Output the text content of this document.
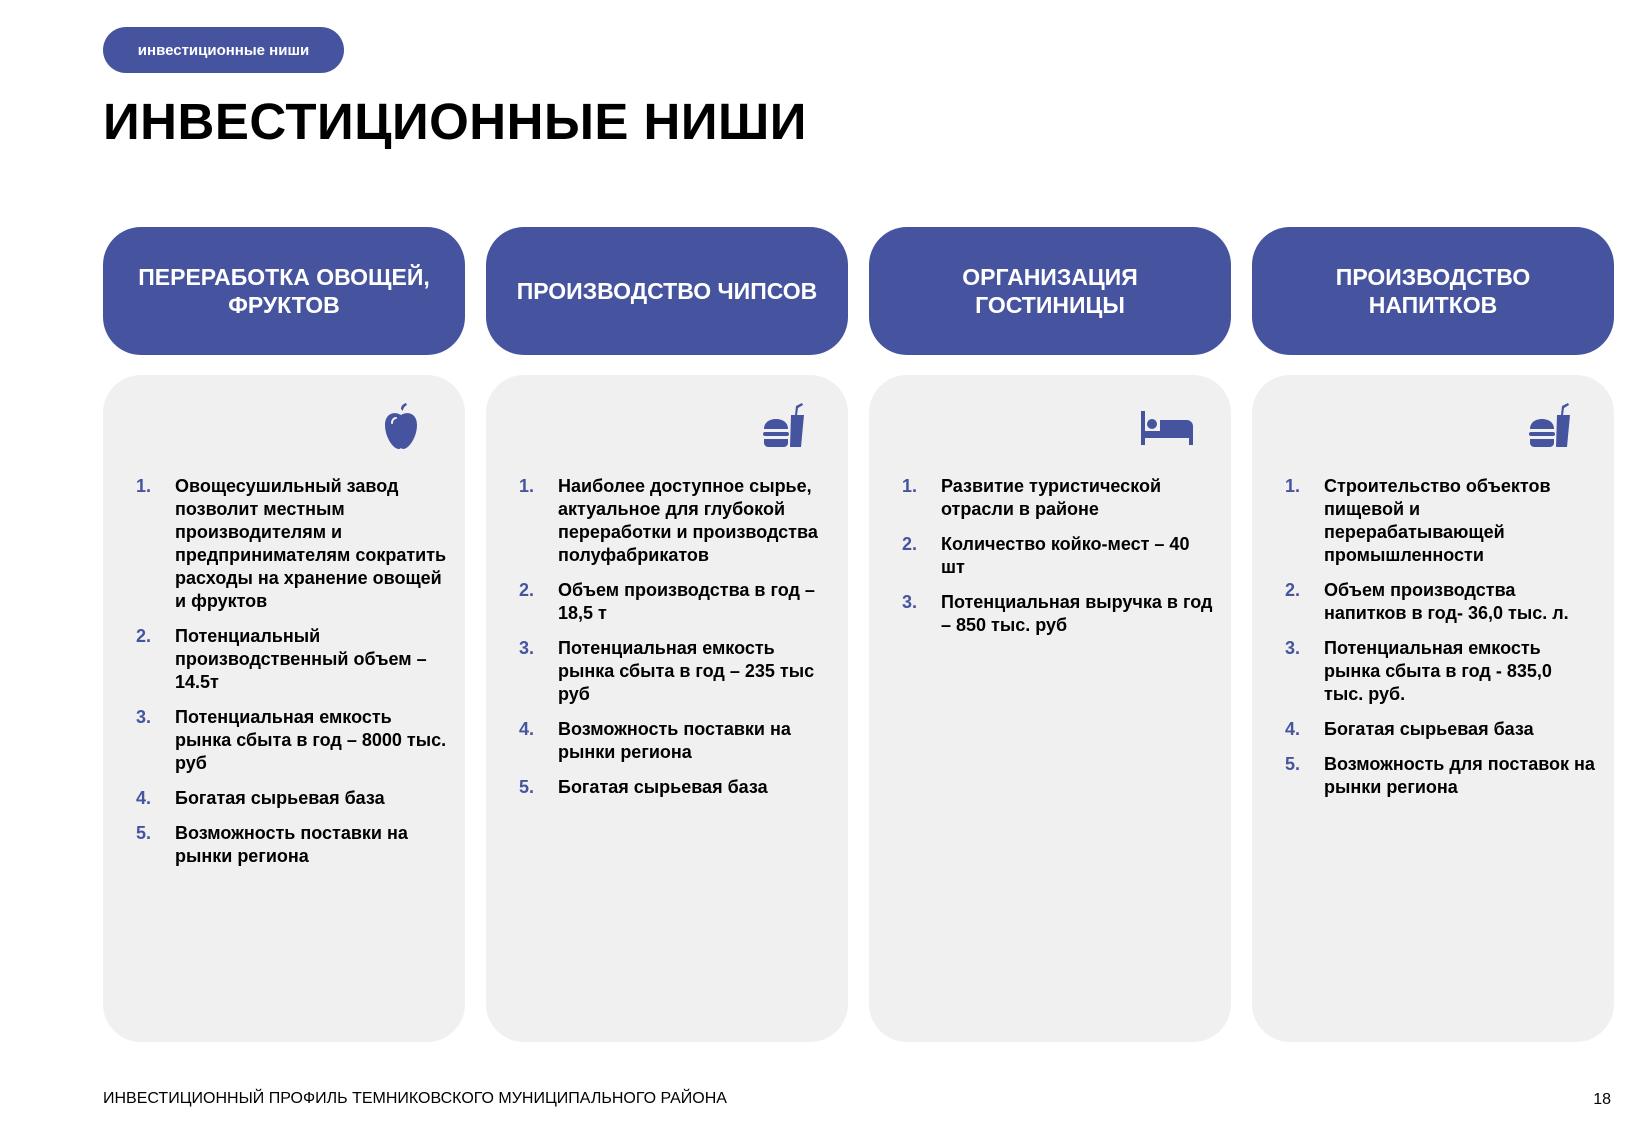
инвестиционные ниши
ИНВЕСТИЦИОННЫЕ НИШИ
ПЕРЕРАБОТКА ОВОЩЕЙ, ФРУКТОВ
1.	Овощесушильный завод позволит местным производителям и предпринимателям сократить расходы на хранение овощей и фруктов
2.	Потенциальный производственный объем – 14.5т
3.	Потенциальная емкость рынка сбыта в год – 8000 тыс. руб
4.	Богатая сырьевая база
5.	Возможность поставки на рынки региона
ПРОИЗВОДСТВО ЧИПСОВ
1.	Наиболее доступное сырье, актуальное для глубокой переработки и производства полуфабрикатов
2.	Объем производства в год – 18,5 т
3.	Потенциальная емкость рынка сбыта в год – 235 тыс руб
4.	Возможность поставки на рынки региона
5.	Богатая сырьевая база
ОРГАНИЗАЦИЯ ГОСТИНИЦЫ
1.	Развитие туристической отрасли в районе
2.	Количество койко-мест – 40 шт
3.	Потенциальная выручка в год – 850 тыс. руб
ПРОИЗВОДСТВО НАПИТКОВ
1.	Строительство объектов пищевой и перерабатывающей промышленности
2.	Объем производства напитков в год- 36,0 тыс. л.
3.	Потенциальная емкость рынка сбыта в год - 835,0 тыс. руб.
4.	Богатая сырьевая база
5.	Возможность для поставок на рынки региона
ИНВЕСТИЦИОННЫЙ ПРОФИЛЬ ТЕМНИКОВСКОГО МУНИЦИПАЛЬНОГО РАЙОНА	18
